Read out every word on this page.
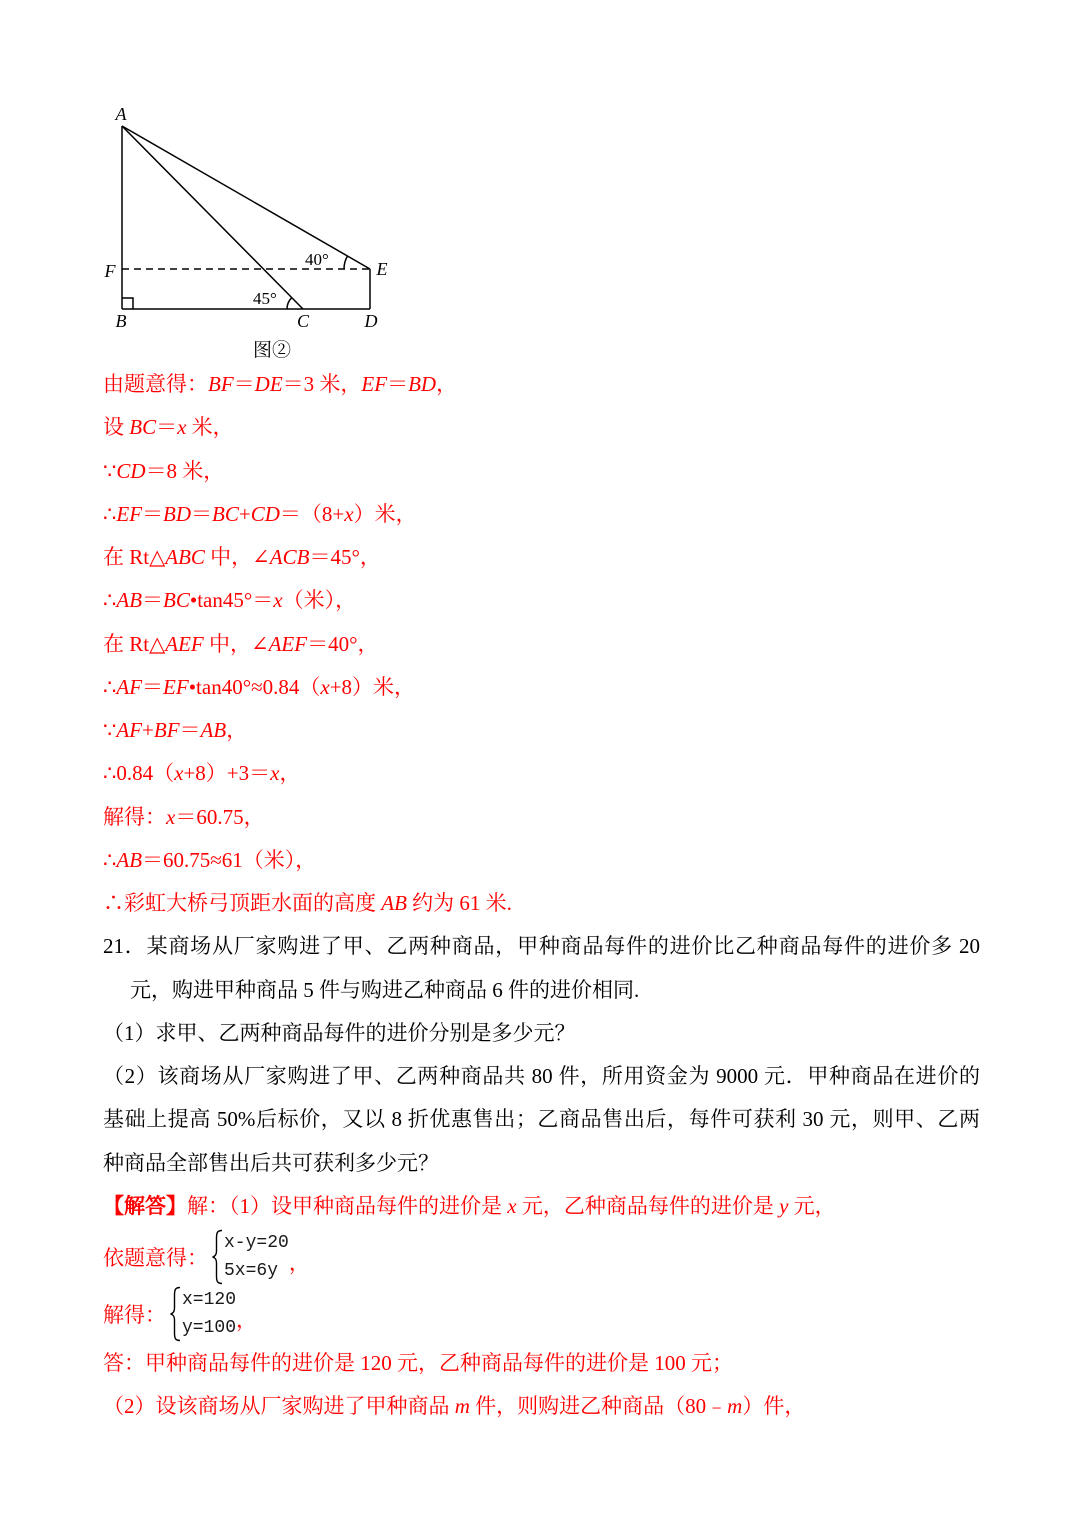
A
F
B	C	D
E
40°
45°
图②
由题意得：BF＝DE＝3 米，EF＝BD，
设 BC＝x 米，
∵CD＝8 米，
∴EF＝BD＝BC+CD＝（8+x）米，
在 Rt△ABC 中，∠ACB＝45°，
∴AB＝BC•tan45°＝x（米），
在 Rt△AEF 中，∠AEF＝40°，
∴AF＝EF•tan40°≈0.84（x+8）米，
∵AF+BF＝AB，
∴0.84（x+8）+3＝x，
解得：x＝60.75，
∴AB＝60.75≈61（米），
∴彩虹大桥弓顶距水面的高度 AB 约为 61 米.
21．某商场从厂家购进了甲、乙两种商品，甲种商品每件的进价比乙种商品每件的进价多 20
元，购进甲种商品 5 件与购进乙种商品 6 件的进价相同.
（1）求甲、乙两种商品每件的进价分别是多少元？
（2）该商场从厂家购进了甲、乙两种商品共 80 件，所用资金为 9000 元．甲种商品在进价的
基础上提高 50%后标价，又以 8 折优惠售出；乙商品售出后，每件可获利 30 元，则甲、乙两
种商品全部售出后共可获利多少元？
【解答】解：（1）设甲种商品每件的进价是 x 元，乙种商品每件的进价是 y 元，
依题意得：
x-y=20
5x=6y ，
解得：
x=120
y=100 ，
答：甲种商品每件的进价是 120 元，乙种商品每件的进价是 100 元；
（2）设该商场从厂家购进了甲种商品 m 件，则购进乙种商品（80﹣m）件，
